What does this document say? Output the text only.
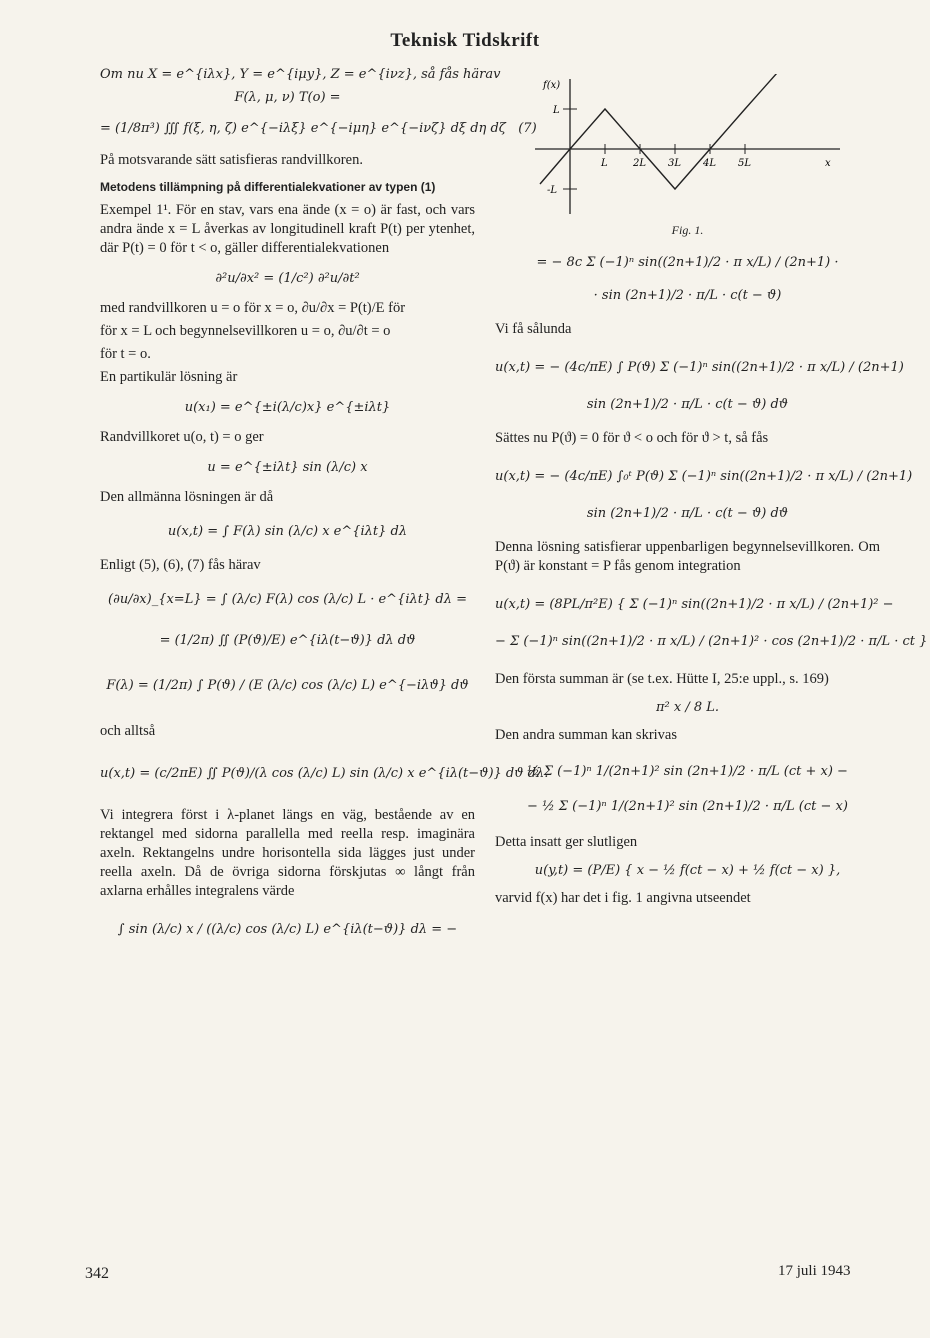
Teknisk Tidskrift
Om nu X = e^{iλx}, Y = e^{iμy}, Z = e^{iνz}, så fås härav
F(λ, μ, ν) T(o) =
= (1/8π³) ∭ f(ξ, η, ζ) e^{−iλξ} e^{−iμη} e^{−iνζ} dξ dη dζ   (7)

På motsvarande sätt satisfieras randvillkoren.

Metodens tillämpning på differentialekvationer av typen (1)

Exempel 1¹. För en stav, vars ena ände (x = o) är fast, och vars andra ände x = L åverkas av longitudinell kraft P(t) per ytenhet, där P(t) = 0 för t < o, gäller differentialekvationen

∂²u/∂x² = (1/c²) ∂²u/∂t²

med randvillkoren u = o för x = o, ∂u/∂x = P(t)/E för

för x = L och begynnelsevillkoren u = o, ∂u/∂t = o

för t = o.

En partikulär lösning är

u(x₁) = e^{±i(λ/c)x} e^{±iλt}

Randvillkoret u(o, t) = o ger

u = e^{±iλt} sin (λ/c) x

Den allmänna lösningen är då

u(x,t) = ∫ F(λ) sin (λ/c) x e^{iλt} dλ

Enligt (5), (6), (7) fås härav

(∂u/∂x)_{x=L} = ∫ (λ/c) F(λ) cos (λ/c) L · e^{iλt} dλ =
= (1/2π) ∬ (P(ϑ)/E) e^{iλ(t−ϑ)} dλ dϑ
F(λ) = (1/2π) ∫ P(ϑ) / (E (λ/c) cos (λ/c) L) e^{−iλϑ} dϑ

och alltså

u(x,t) = (c/2πE) ∬ P(ϑ)/(λ cos (λ/c) L) sin (λ/c) x e^{iλ(t−ϑ)} dϑ dλ.

Vi integrera först i λ-planet längs en väg, bestående av en rektangel med sidorna parallella med reella resp. imaginära axeln. Rektangelns undre horisontella sida lägges just under reella axeln. Då de övriga sidorna förskjutas ∞ långt från axlarna erhålles integralens värde

∫ sin (λ/c) x / ((λ/c) cos (λ/c) L) e^{iλ(t−ϑ)} dλ = −
f(x)
L
-L
L	2L 3L 4L 5L	x
Fig. 1.
= − 8c Σ (−1)ⁿ sin((2n+1)/2 · π x/L) / (2n+1) ·
· sin (2n+1)/2 · π/L · c(t − ϑ)

Vi få sålunda

u(x,t) = − (4c/πE) ∫ P(ϑ) Σ (−1)ⁿ sin((2n+1)/2 · π x/L) / (2n+1)
sin (2n+1)/2 · π/L · c(t − ϑ) dϑ

Sättes nu P(ϑ) = 0 för ϑ < o och för ϑ > t, så fås

u(x,t) = − (4c/πE) ∫₀ᵗ P(ϑ) Σ (−1)ⁿ sin((2n+1)/2 · π x/L) / (2n+1)
sin (2n+1)/2 · π/L · c(t − ϑ) dϑ

Denna lösning satisfierar uppenbarligen begynnelsevillkoren. Om P(ϑ) är konstant = P fås genom integration

u(x,t) = (8PL/π²E) { Σ (−1)ⁿ sin((2n+1)/2 · π x/L) / (2n+1)² −
− Σ (−1)ⁿ sin((2n+1)/2 · π x/L) / (2n+1)² · cos (2n+1)/2 · π/L · ct }

Den första summan är (se t.ex. Hütte I, 25:e uppl., s. 169)

π² x / 8 L.

Den andra summan kan skrivas

½ Σ (−1)ⁿ 1/(2n+1)² sin (2n+1)/2 · π/L (ct + x) −
− ½ Σ (−1)ⁿ 1/(2n+1)² sin (2n+1)/2 · π/L (ct − x)

Detta insatt ger slutligen

u(y,t) = (P/E) { x − ½ f(ct − x) + ½ f(ct − x) },

varvid f(x) har det i fig. 1 angivna utseendet

342	17 juli 1943
